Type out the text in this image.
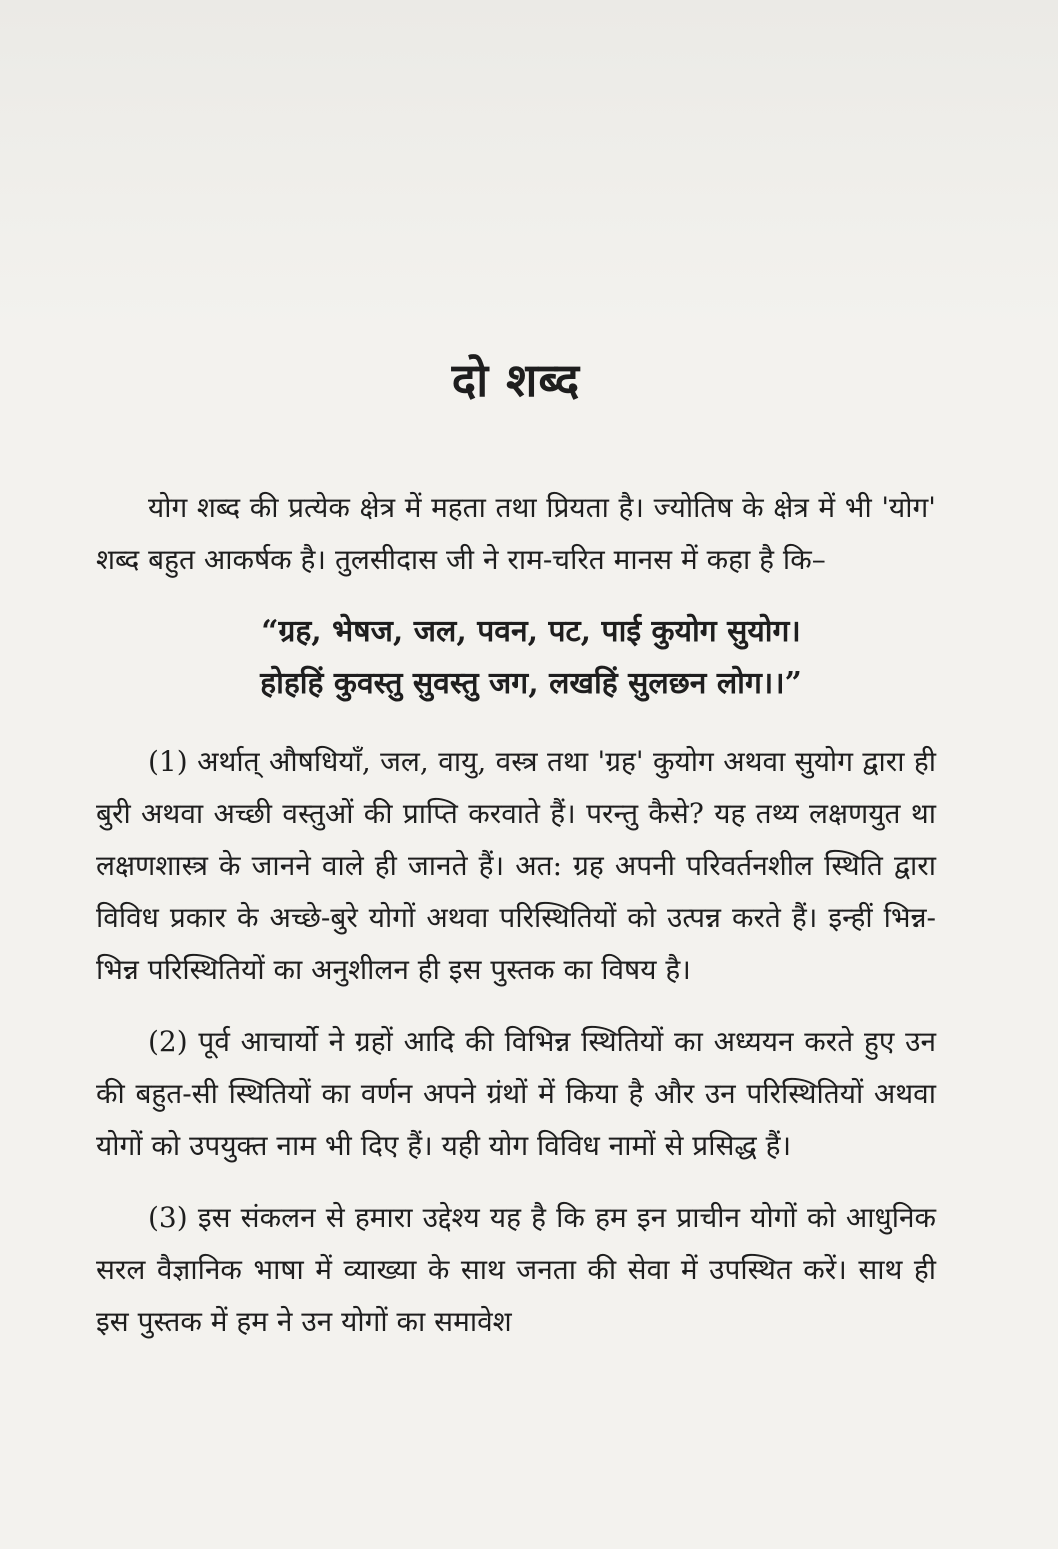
दो शब्द

योग शब्द की प्रत्येक क्षेत्र में महता तथा प्रियता है। ज्योतिष के क्षेत्र में भी 'योग' शब्द बहुत आकर्षक है। तुलसीदास जी ने राम-चरित मानस में कहा है कि–

“ग्रह, भेषज, जल, पवन, पट, पाई कुयोग सुयोग।
होहहिं कुवस्तु सुवस्तु जग, लखहिं सुलछन लोग।।”

(1) अर्थात् औषधियाँ, जल, वायु, वस्त्र तथा 'ग्रह' कुयोग अथवा सुयोग द्वारा ही बुरी अथवा अच्छी वस्तुओं की प्राप्ति करवाते हैं। परन्तु कैसे? यह तथ्य लक्षणयुत था लक्षणशास्त्र के जानने वाले ही जानते हैं। अत: ग्रह अपनी परिवर्तनशील स्थिति द्वारा विविध प्रकार के अच्छे-बुरे योगों अथवा परिस्थितियों को उत्पन्न करते हैं। इन्हीं भिन्न-भिन्न परिस्थितियों का अनुशीलन ही इस पुस्तक का विषय है।

(2) पूर्व आचार्यो ने ग्रहों आदि की विभिन्न स्थितियों का अध्ययन करते हुए उन की बहुत-सी स्थितियों का वर्णन अपने ग्रंथों में किया है और उन परिस्थितियों अथवा योगों को उपयुक्त नाम भी दिए हैं। यही योग विविध नामों से प्रसिद्ध हैं।

(3) इस संकलन से हमारा उद्देश्य यह है कि हम इन प्राचीन योगों को आधुनिक सरल वैज्ञानिक भाषा में व्याख्या के साथ जनता की सेवा में उपस्थित करें। साथ ही इस पुस्तक में हम ने उन योगों का समावेश
